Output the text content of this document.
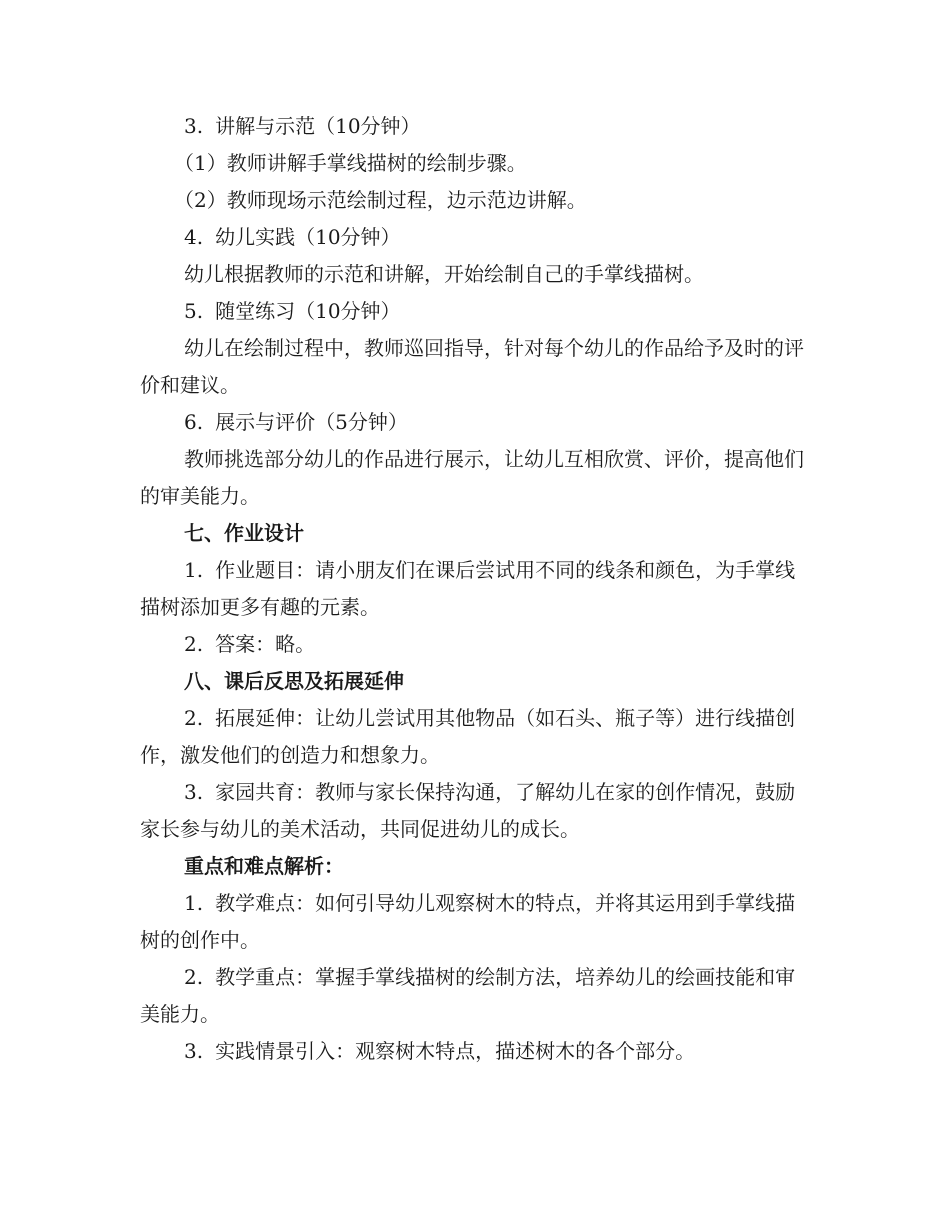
3. 讲解与示范（10分钟）

（1）教师讲解手掌线描树的绘制步骤。

（2）教师现场示范绘制过程，边示范边讲解。

4. 幼儿实践（10分钟）

幼儿根据教师的示范和讲解，开始绘制自己的手掌线描树。

5. 随堂练习（10分钟）

幼儿在绘制过程中，教师巡回指导，针对每个幼儿的作品给予及时的评价和建议。

6. 展示与评价（5分钟）

教师挑选部分幼儿的作品进行展示，让幼儿互相欣赏、评价，提高他们的审美能力。

七、作业设计

1. 作业题目：请小朋友们在课后尝试用不同的线条和颜色，为手掌线描树添加更多有趣的元素。

2. 答案：略。

八、课后反思及拓展延伸

2. 拓展延伸：让幼儿尝试用其他物品（如石头、瓶子等）进行线描创作，激发他们的创造力和想象力。

3. 家园共育：教师与家长保持沟通，了解幼儿在家的创作情况，鼓励家长参与幼儿的美术活动，共同促进幼儿的成长。

重点和难点解析：

1. 教学难点：如何引导幼儿观察树木的特点，并将其运用到手掌线描树的创作中。

2. 教学重点：掌握手掌线描树的绘制方法，培养幼儿的绘画技能和审美能力。

3. 实践情景引入：观察树木特点，描述树木的各个部分。
